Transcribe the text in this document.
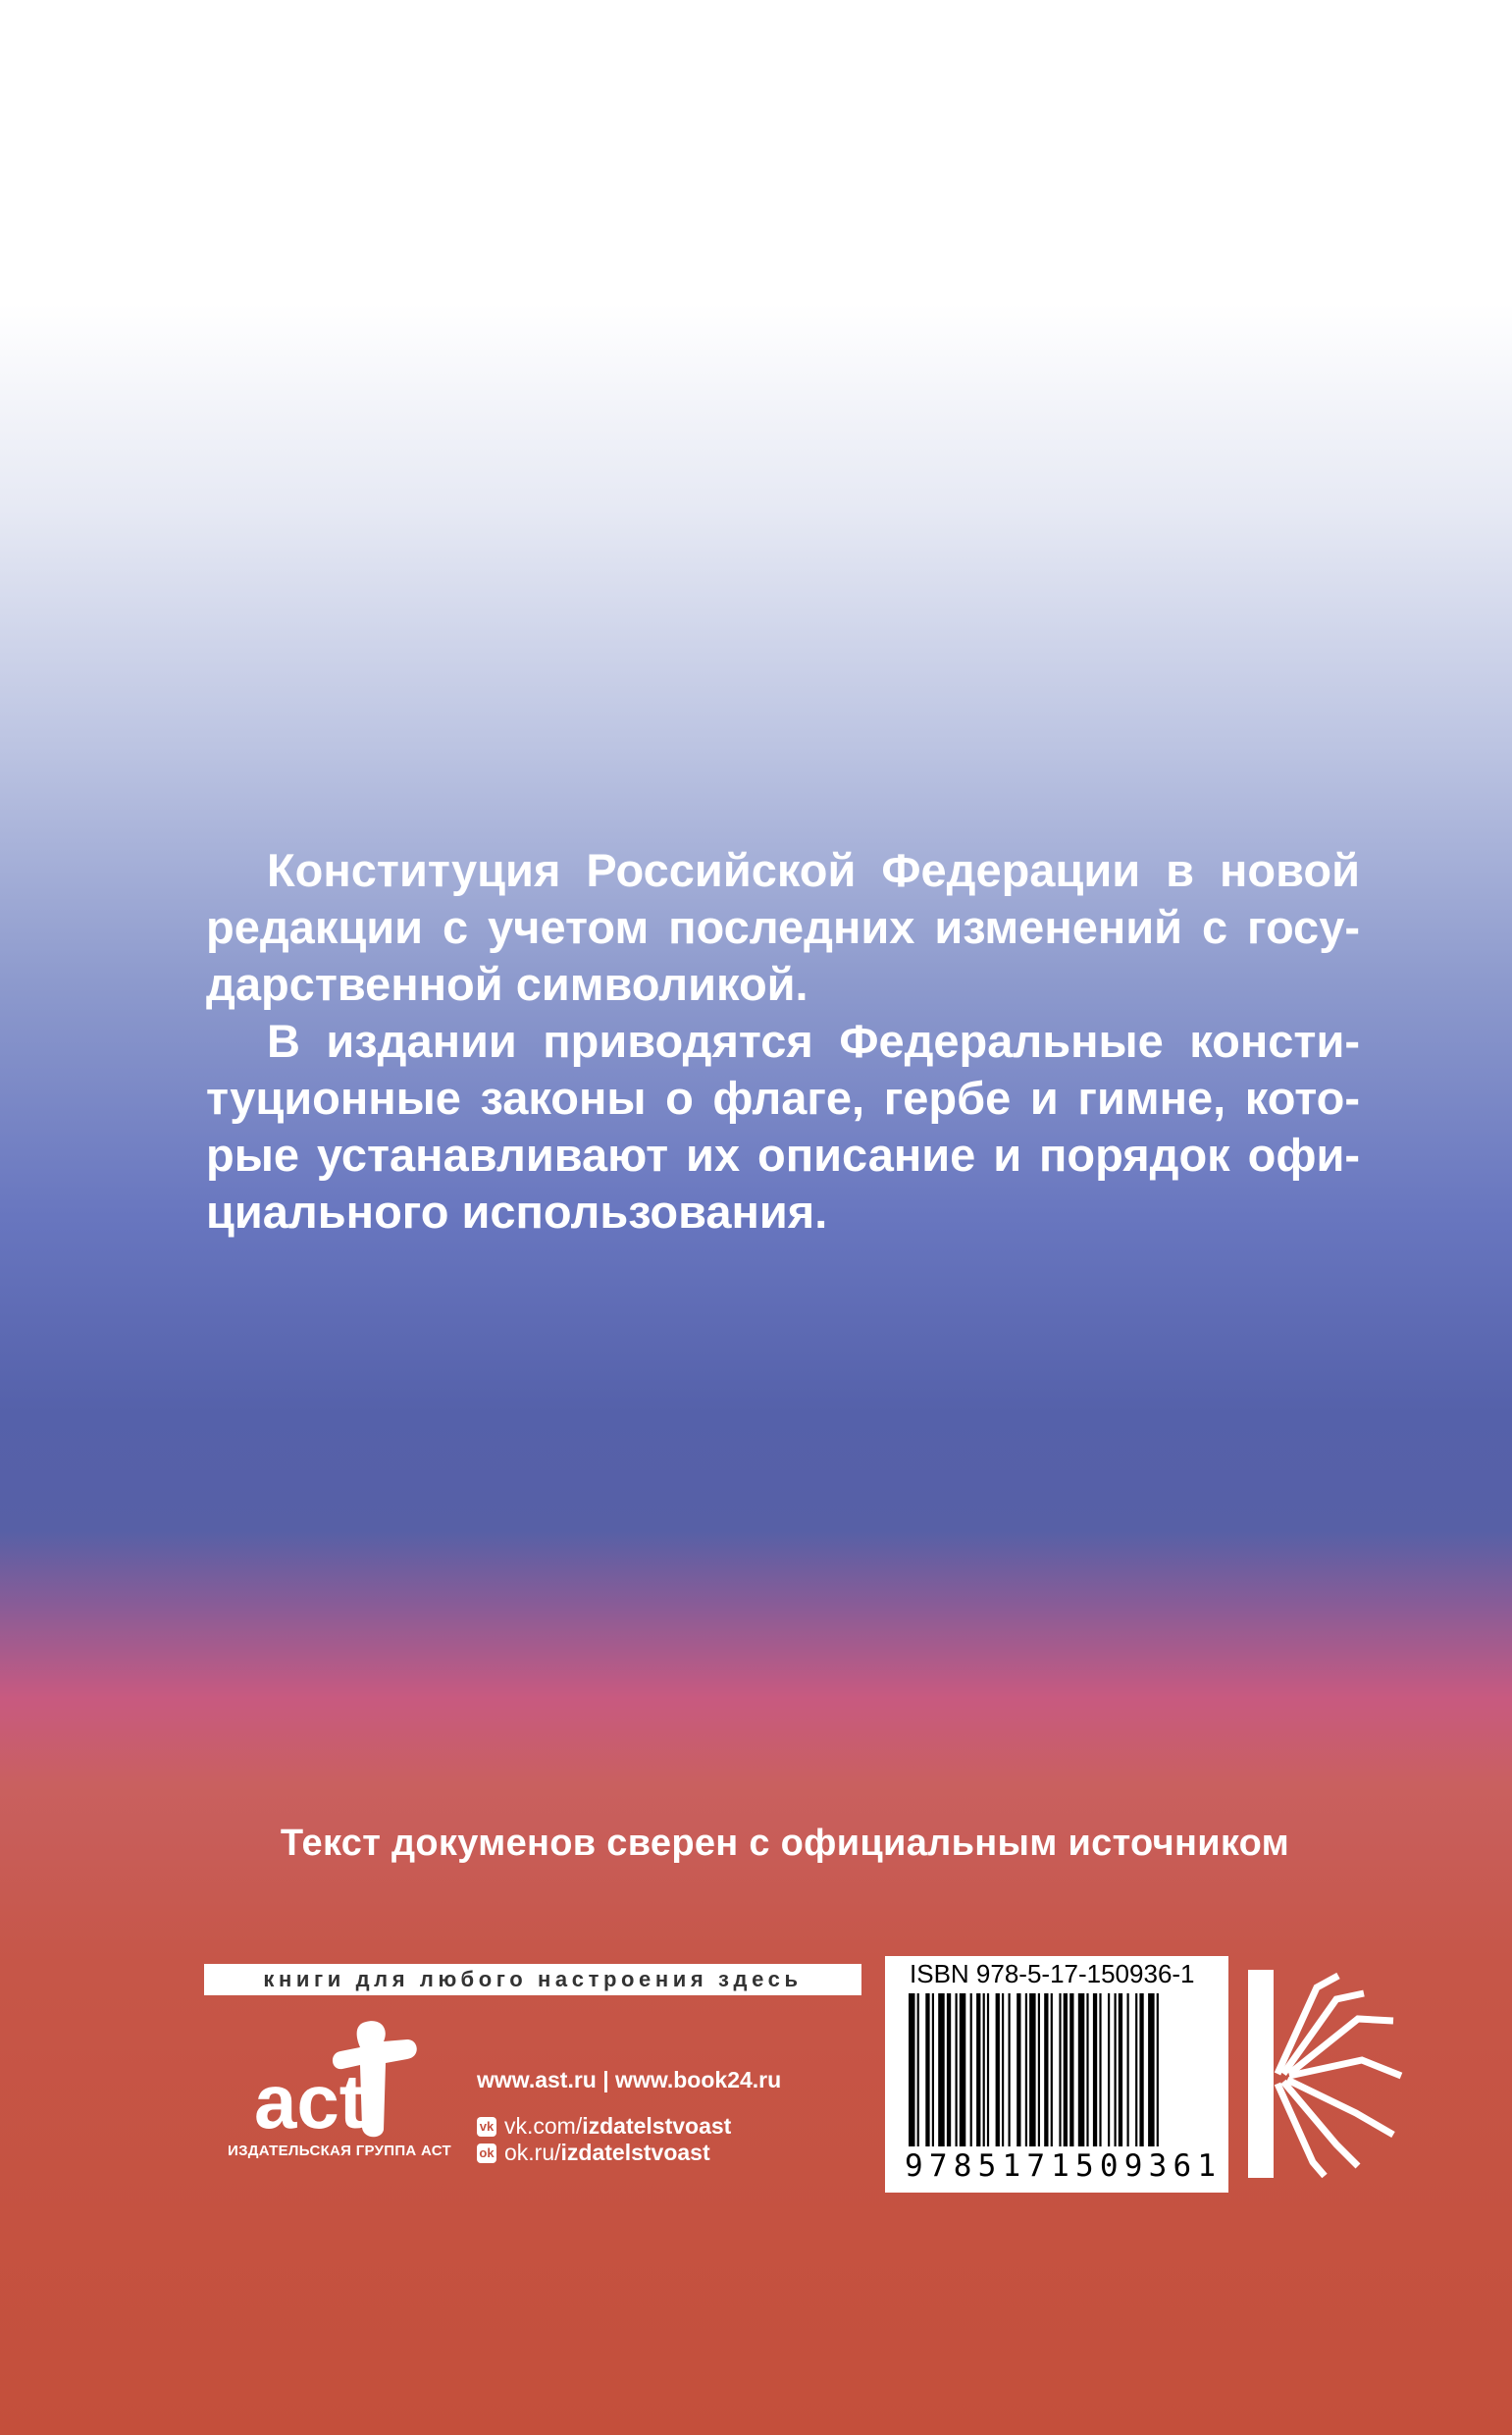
Конституция Российской Федерации в новой
редакции с учетом последних изменений с госу-
дарственной символикой.

В издании приводятся Федеральные консти-
туционные законы о флаге, гербе и гимне, кото-
рые устанавливают их описание и порядок офи-
циального использования.

Текст докуменов сверен с официальным источником
книги для любого настроения здесь
act
ИЗДАТЕЛЬСКАЯ ГРУППА АСТ
www.ast.ru | www.book24.ru
vk vk.com/ izdatelstvoast
ok ok.ru/ izdatelstvoast
ISBN 978-5-17-150936-1
9785171509361
